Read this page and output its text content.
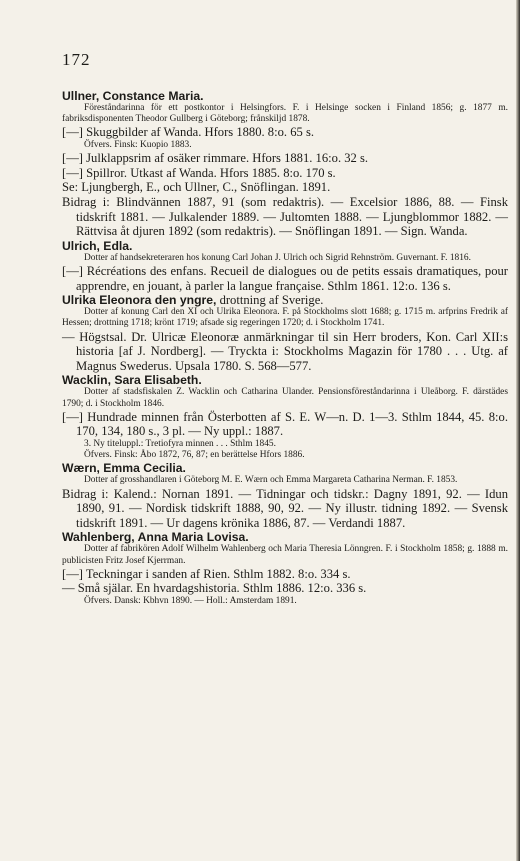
172
Ullner, Constance Maria.

Föreståndarinna för ett postkontor i Helsingfors. F. i Helsinge socken i Finland 1856; g. 1877 m. fabriksdisponenten Theodor Gullberg i Göteborg; frånskiljd 1878.

[—] Skuggbilder af Wanda. Hfors 1880. 8:o. 65 s.

Öfvers. Finsk: Kuopio 1883.

[—] Julklappsrim af osäker rimmare. Hfors 1881. 16:o. 32 s.

[—] Spillror. Utkast af Wanda. Hfors 1885. 8:o. 170 s.

Se: Ljungbergh, E., och Ullner, C., Snöflingan. 1891.

Bidrag i: Blindvännen 1887, 91 (som redaktris). — Excelsior 1886, 88. — Finsk tidskrift 1881. — Julkalender 1889. — Jultomten 1888. — Ljungblommor 1882. — Rättvisa åt djuren 1892 (som redaktris). — Snöflingan 1891. — Sign. Wanda.

Ulrich, Edla.

Dotter af handsekreteraren hos konung Carl Johan J. Ulrich och Sigrid Rehnström. Guvernant. F. 1816.

[—] Récréations des enfans. Recueil de dialogues ou de petits essais dramatiques, pour apprendre, en jouant, à parler la langue française. Sthlm 1861. 12:o. 136 s.

Ulrika Eleonora den yngre, drottning af Sverige.

Dotter af konung Carl den XI och Ulrika Eleonora. F. på Stockholms slott 1688; g. 1715 m. arfprins Fredrik af Hessen; drottning 1718; krönt 1719; afsade sig regeringen 1720; d. i Stockholm 1741.

— Högstsal. Dr. Ulricæ Eleonoræ anmärkningar til sin Herr broders, Kon. Carl XII:s historia [af J. Nordberg]. — Tryckta i: Stockholms Magazin för 1780 . . . Utg. af Magnus Swederus. Upsala 1780. S. 568—577.

Wacklin, Sara Elisabeth.

Dotter af stadsfiskalen Z. Wacklin och Catharina Ulander. Pensionsföreståndarinna i Uleåborg. F. därstädes 1790; d. i Stockholm 1846.

[—] Hundrade minnen från Österbotten af S. E. W—n. D. 1—3. Sthlm 1844, 45. 8:o. 170, 134, 180 s., 3 pl. — Ny uppl.: 1887.

3. Ny titeluppl.: Tretiofyra minnen . . . Sthlm 1845.

Öfvers. Finsk: Åbo 1872, 76, 87; en berättelse Hfors 1886.

Wærn, Emma Cecilia.

Dotter af grosshandlaren i Göteborg M. E. Wærn och Emma Margareta Catharina Nerman. F. 1853.

Bidrag i: Kalend.: Nornan 1891. — Tidningar och tidskr.: Dagny 1891, 92. — Idun 1890, 91. — Nordisk tidskrift 1888, 90, 92. — Ny illustr. tidning 1892. — Svensk tidskrift 1891. — Ur dagens krönika 1886, 87. — Verdandi 1887.

Wahlenberg, Anna Maria Lovisa.

Dotter af fabrikören Adolf Wilhelm Wahlenberg och Maria Theresia Lönngren. F. i Stockholm 1858; g. 1888 m. publicisten Fritz Josef Kjerrman.

[—] Teckningar i sanden af Rien. Sthlm 1882. 8:o. 334 s.

— Små själar. En hvardagshistoria. Sthlm 1886. 12:o. 336 s.

Öfvers. Dansk: Kbhvn 1890. — Holl.: Amsterdam 1891.
